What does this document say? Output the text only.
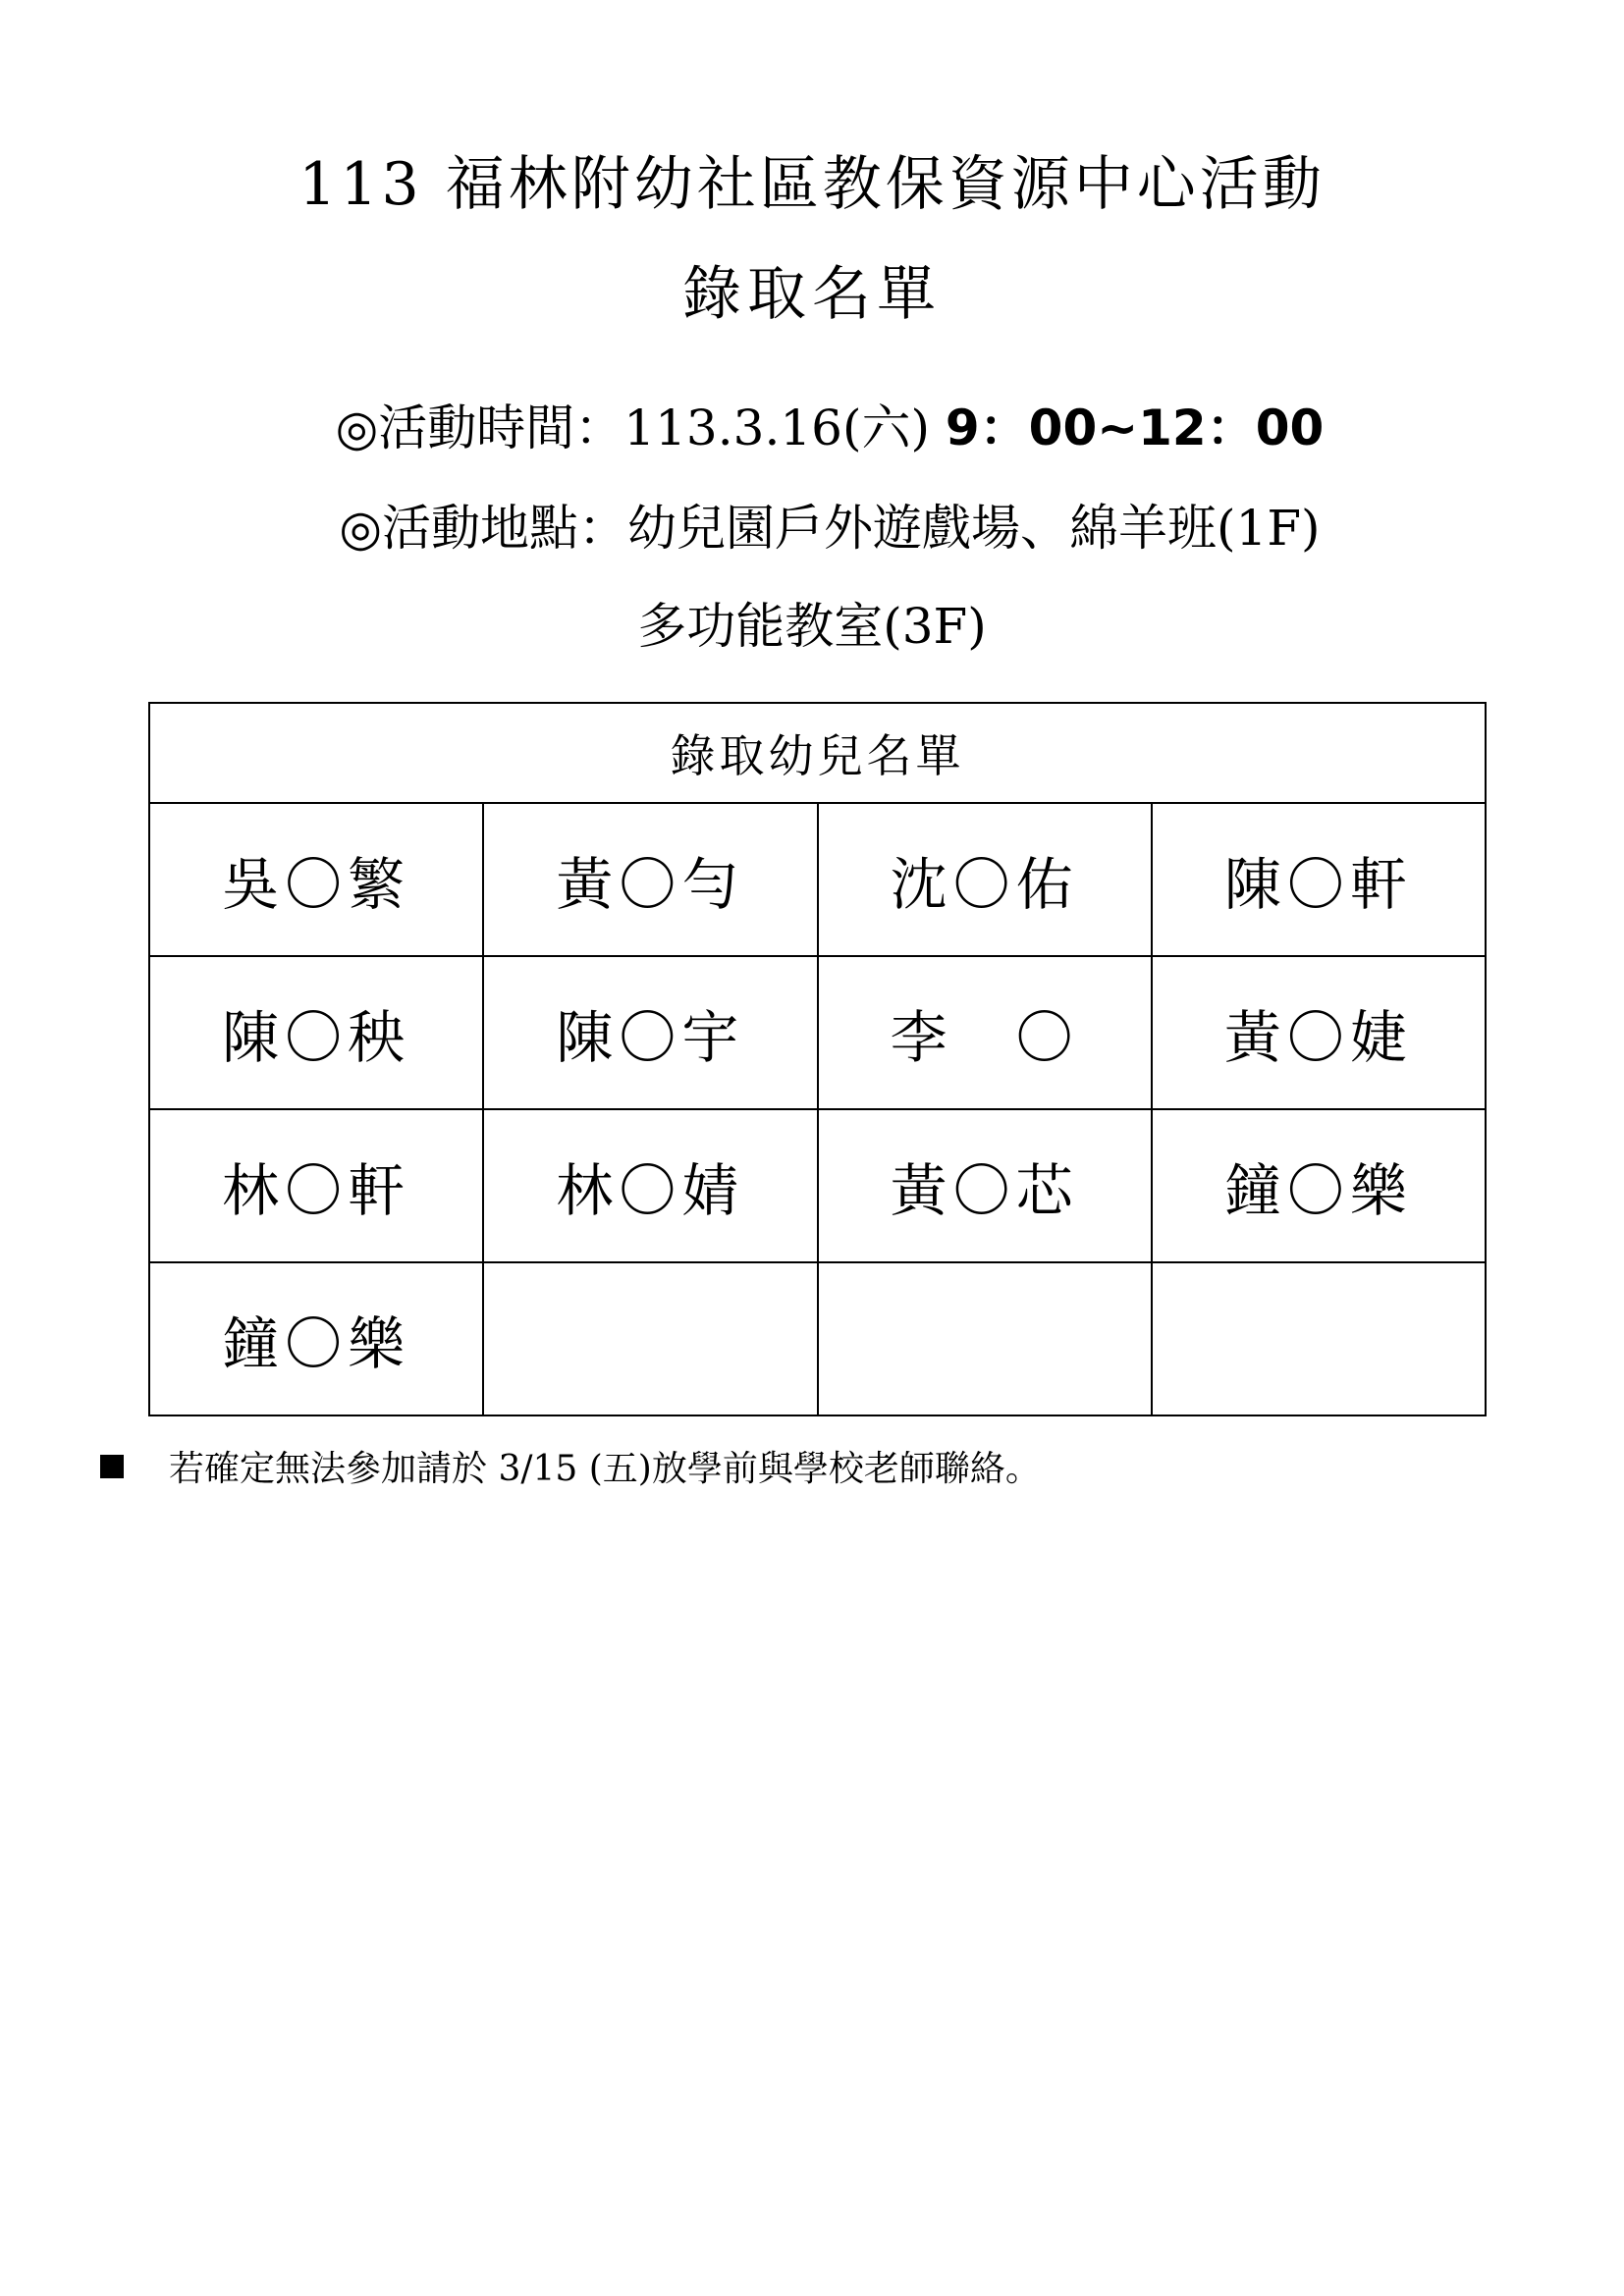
113 福林附幼社區教保資源中心活動
錄取名單
◎活動時間：113.3.16(六) 9：00~12：00
◎活動地點：幼兒園戶外遊戲場、綿羊班(1F)
多功能教室(3F)
錄取幼兒名單			
吳〇繁	黃〇勻	沈〇佑	陳〇軒
陳〇秧	陳〇宇	李　〇	黃〇婕
林〇軒	林〇婧	黃〇芯	鐘〇樂
鐘〇樂			
若確定無法參加請於 3/15 (五)放學前與學校老師聯絡。
